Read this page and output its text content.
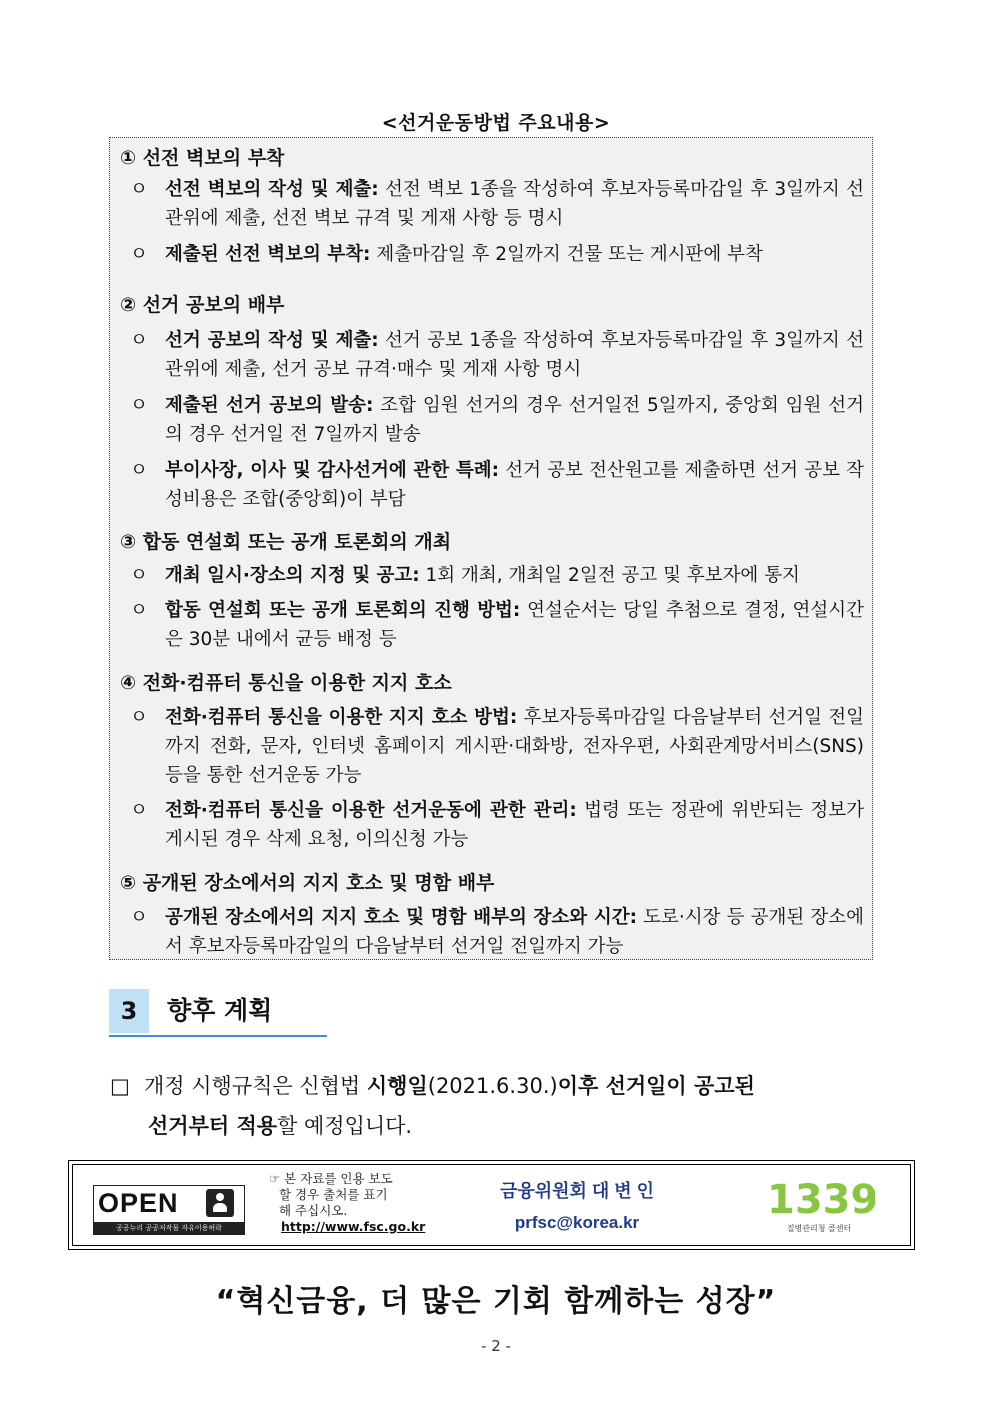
<선거운동방법 주요내용>
① 선전 벽보의 부착
ㅇ 선전 벽보의 작성 및 제출: 선전 벽보 1종을 작성하여 후보자등록마감일 후 3일까지 선관위에 제출, 선전 벽보 규격 및 게재 사항 등 명시
ㅇ 제출된 선전 벽보의 부착: 제출마감일 후 2일까지 건물 또는 게시판에 부착
② 선거 공보의 배부
ㅇ 선거 공보의 작성 및 제출: 선거 공보 1종을 작성하여 후보자등록마감일 후 3일까지 선관위에 제출, 선거 공보 규격·매수 및 게재 사항 명시
ㅇ 제출된 선거 공보의 발송: 조합 임원 선거의 경우 선거일전 5일까지, 중앙회 임원 선거의 경우 선거일 전 7일까지 발송
ㅇ 부이사장, 이사 및 감사선거에 관한 특례: 선거 공보 전산원고를 제출하면 선거 공보 작성비용은 조합(중앙회)이 부담
③ 합동 연설회 또는 공개 토론회의 개최
ㅇ 개최 일시·장소의 지정 및 공고: 1회 개최, 개최일 2일전 공고 및 후보자에 통지
ㅇ 합동 연설회 또는 공개 토론회의 진행 방법: 연설순서는 당일 추첨으로 결정, 연설시간은 30분 내에서 균등 배정 등
④ 전화·컴퓨터 통신을 이용한 지지 호소
ㅇ 전화·컴퓨터 통신을 이용한 지지 호소 방법: 후보자등록마감일 다음날부터 선거일 전일까지 전화, 문자, 인터넷 홈페이지 게시판·대화방, 전자우편, 사회관계망서비스(SNS) 등을 통한 선거운동 가능
ㅇ 전화·컴퓨터 통신을 이용한 선거운동에 관한 관리: 법령 또는 정관에 위반되는 정보가 게시된 경우 삭제 요청, 이의신청 가능
⑤ 공개된 장소에서의 지지 호소 및 명함 배부
ㅇ 공개된 장소에서의 지지 호소 및 명함 배부의 장소와 시간: 도로·시장 등 공개된 장소에서 후보자등록마감일의 다음날부터 선거일 전일까지 가능
3	향후 계획
□ 개정 시행규칙은 신협법 시행일(2021.6.30.)이후 선거일이 공고된
선거부터 적용할 예정입니다.
OPEN
공공누리 공공저작물 자유이용허락
☞ 본 자료를 인용 보도
할 경우 출처를 표기
해 주십시오.
http://www.fsc.go.kr
금융위원회 대 변 인
prfsc@korea.kr	1339
질병관리청 콜센터
“혁신금융, 더 많은 기회 함께하는 성장”
- 2 -
